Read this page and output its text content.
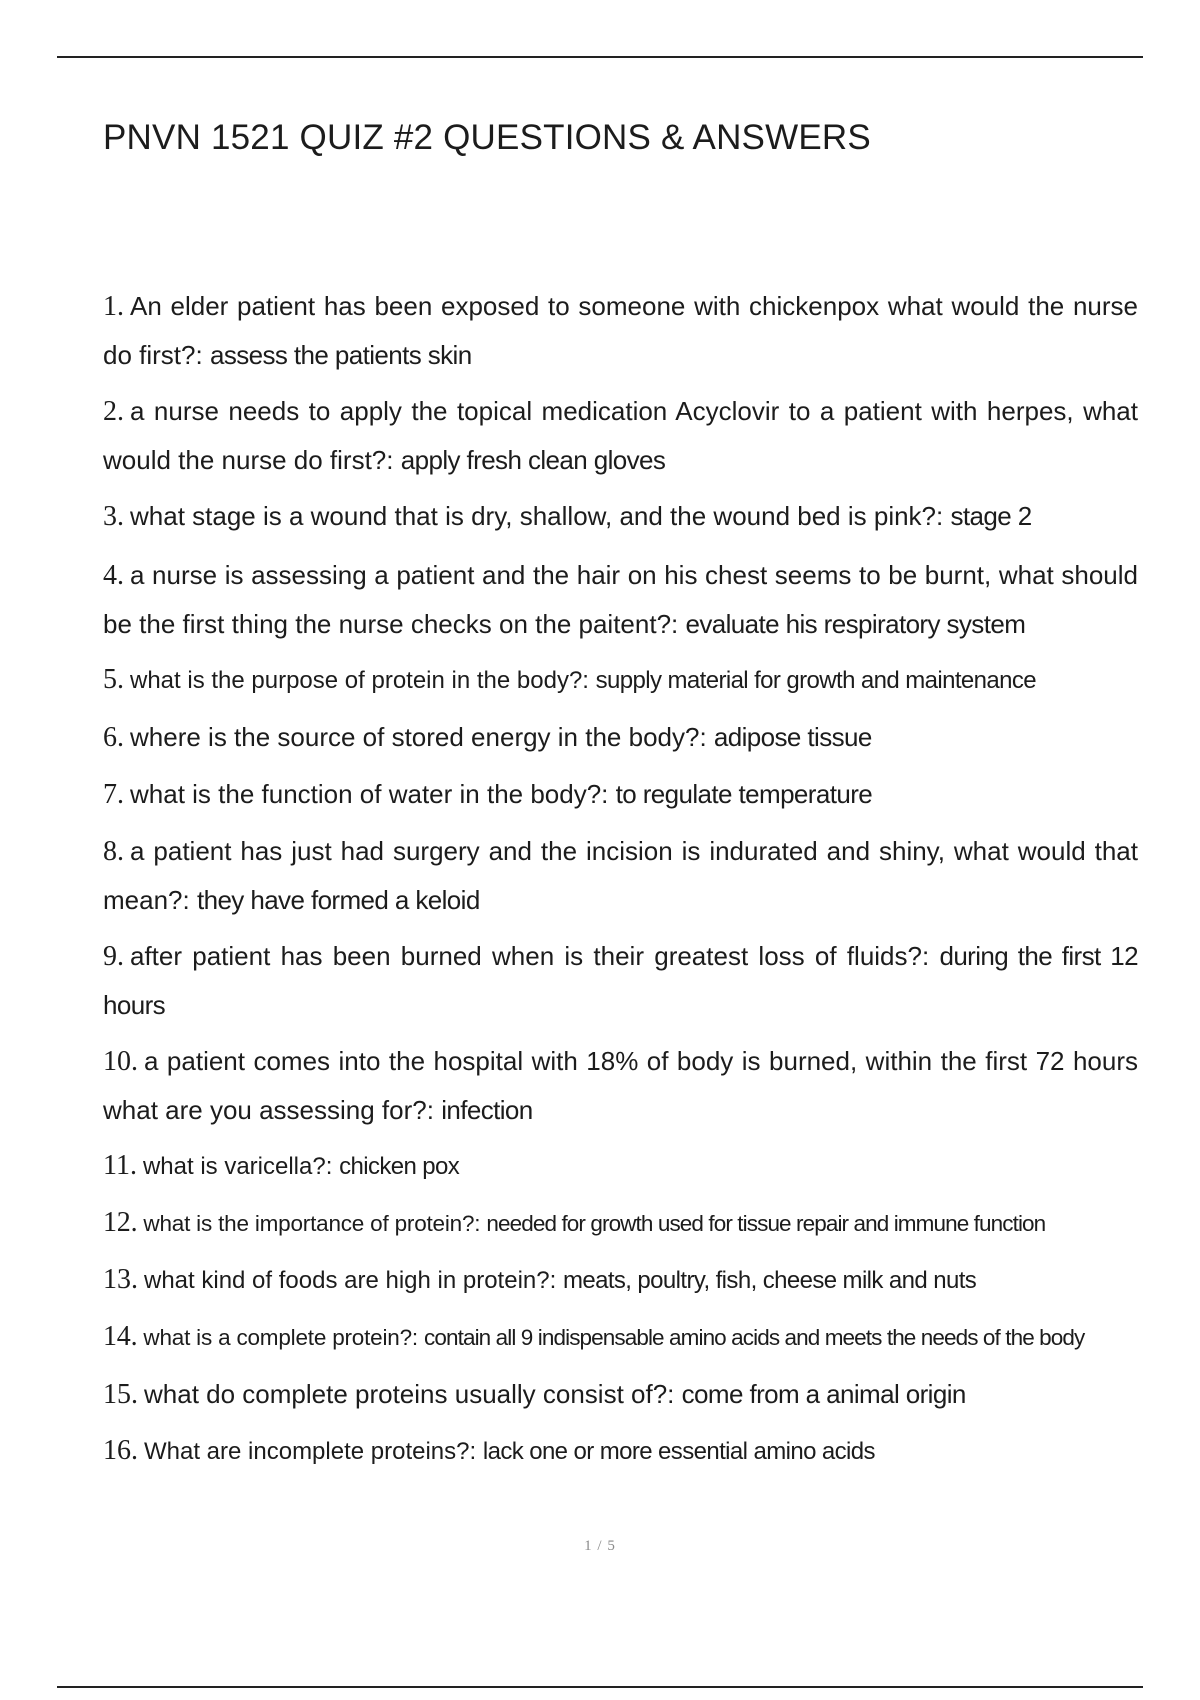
PNVN 1521 QUIZ #2 QUESTIONS & ANSWERS
1. An elder patient has been exposed to someone with chickenpox what would the nurse do first?: assess the patients skin
2. a nurse needs to apply the topical medication Acyclovir to a patient with herpes, what would the nurse do first?: apply fresh clean gloves
3. what stage is a wound that is dry, shallow, and the wound bed is pink?: stage 2
4. a nurse is assessing a patient and the hair on his chest seems to be burnt, what should be the first thing the nurse checks on the paitent?: evaluate his respiratory system
5. what is the purpose of protein in the body?: supply material for growth and maintenance
6. where is the source of stored energy in the body?: adipose tissue
7. what is the function of water in the body?: to regulate temperature
8. a patient has just had surgery and the incision is indurated and shiny, what would that mean?: they have formed a keloid
9. after patient has been burned when is their greatest loss of fluids?: during the first 12 hours
10. a patient comes into the hospital with 18% of body is burned, within the first 72 hours what are you assessing for?: infection
11. what is varicella?: chicken pox
12. what is the importance of protein?: needed for growth used for tissue repair and immune function
13. what kind of foods are high in protein?: meats, poultry, fish, cheese milk and nuts
14. what is a complete protein?: contain all 9 indispensable amino acids and meets the needs of the body
15. what do complete proteins usually consist of?: come from a animal origin
16. What are incomplete proteins?: lack one or more essential amino acids
1 / 5
